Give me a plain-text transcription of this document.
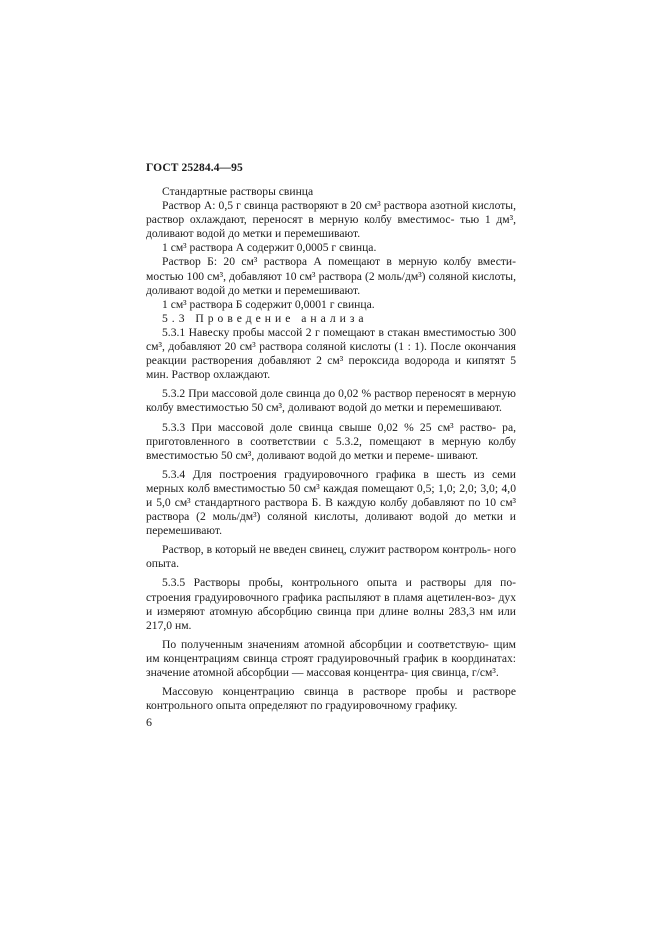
ГОСТ 25284.4—95

Стандартные растворы свинца

Раствор А: 0,5 г свинца растворяют в 20 см³ раствора азотной кислоты, раствор охлаждают, переносят в мерную колбу вместимос- тью 1 дм³, доливают водой до метки и перемешивают.

1 см³ раствора А содержит 0,0005 г свинца.

Раствор Б: 20 см³ раствора А помещают в мерную колбу вмести- мостью 100 см³, добавляют 10 см³ раствора (2 моль/дм³) соляной кислоты, доливают водой до метки и перемешивают.

1 см³ раствора Б содержит 0,0001 г свинца.

5.3 Проведение анализа

5.3.1 Навеску пробы массой 2 г помещают в стакан вместимостью 300 см³, добавляют 20 см³ раствора соляной кислоты (1 : 1). После окончания реакции растворения добавляют 2 см³ пероксида водорода и кипятят 5 мин. Раствор охлаждают.

5.3.2 При массовой доле свинца до 0,02 % раствор переносят в мерную колбу вместимостью 50 см³, доливают водой до метки и перемешивают.

5.3.3 При массовой доле свинца свыше 0,02 % 25 см³ раство- ра, приготовленного в соответствии с 5.3.2, помещают в мерную колбу вместимостью 50 см³, доливают водой до метки и переме- шивают.

5.3.4 Для построения градуировочного графика в шесть из семи мерных колб вместимостью 50 см³ каждая помещают 0,5; 1,0; 2,0; 3,0; 4,0 и 5,0 см³ стандартного раствора Б. В каждую колбу добавляют по 10 см³ раствора (2 моль/дм³) соляной кислоты, доливают водой до метки и перемешивают.

Раствор, в который не введен свинец, служит раствором контроль- ного опыта.

5.3.5 Растворы пробы, контрольного опыта и растворы для по- строения градуировочного графика распыляют в пламя ацетилен-воз- дух и измеряют атомную абсорбцию свинца при длине волны 283,3 нм или 217,0 нм.

По полученным значениям атомной абсорбции и соответствую- щим им концентрациям свинца строят градуировочный график в координатах: значение атомной абсорбции — массовая концентра- ция свинца, г/см³.

Массовую концентрацию свинца в растворе пробы и растворе контрольного опыта определяют по градуировочному графику.

6
